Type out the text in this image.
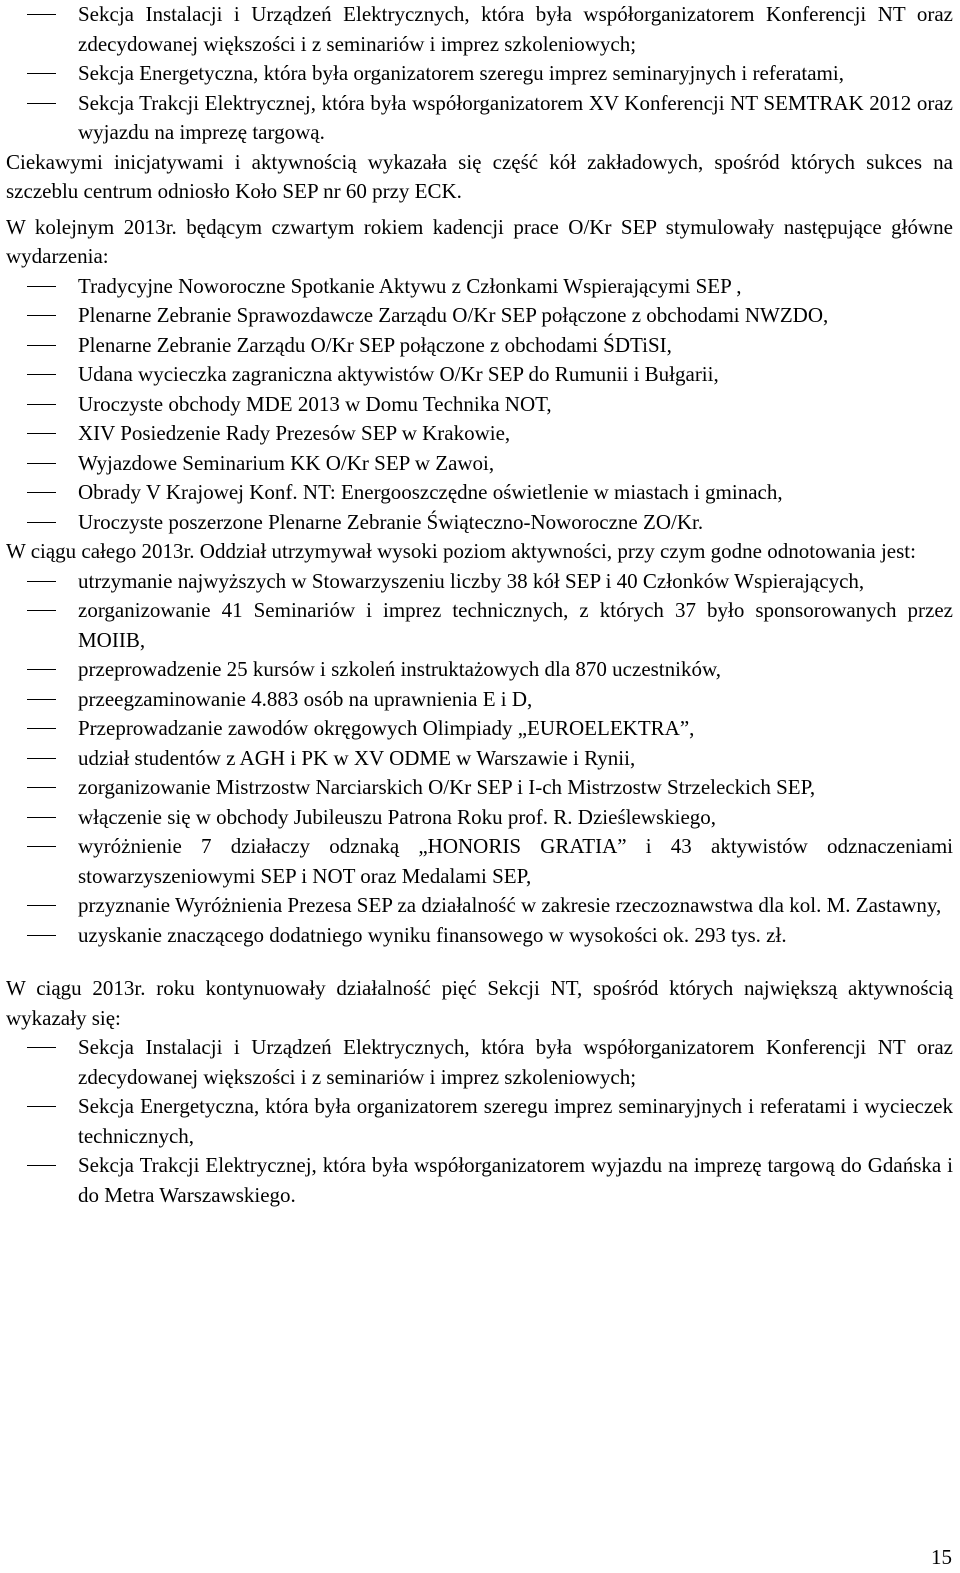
Sekcja Instalacji i Urządzeń Elektrycznych, która była współorganizatorem Konferencji NT oraz zdecydowanej większości i z seminariów i imprez szkoleniowych;
Sekcja Energetyczna, która była organizatorem szeregu imprez seminaryjnych i referatami,
Sekcja Trakcji Elektrycznej, która była współorganizatorem XV Konferencji NT SEMTRAK 2012 oraz wyjazdu na imprezę targową.

Ciekawymi inicjatywami i aktywnością wykazała się część kół zakładowych, spośród których sukces na szczeblu centrum odniosło Koło SEP nr 60 przy ECK.

W kolejnym 2013r. będącym czwartym rokiem kadencji prace O/Kr SEP stymulowały następujące główne wydarzenia:

Tradycyjne Noworoczne Spotkanie Aktywu z Członkami Wspierającymi SEP ,
Plenarne Zebranie Sprawozdawcze Zarządu O/Kr SEP połączone z obchodami NWZDO,
Plenarne Zebranie Zarządu O/Kr SEP połączone z obchodami ŚDTiSI,
Udana wycieczka zagraniczna aktywistów O/Kr SEP do Rumunii i Bułgarii,
Uroczyste obchody MDE 2013 w Domu Technika NOT,
XIV Posiedzenie Rady Prezesów SEP w Krakowie,
Wyjazdowe Seminarium KK O/Kr SEP w Zawoi,
Obrady V Krajowej Konf. NT: Energooszczędne oświetlenie w miastach i gminach,
Uroczyste poszerzone Plenarne Zebranie Świąteczno-Noworoczne ZO/Kr.

W ciągu całego 2013r. Oddział utrzymywał wysoki poziom aktywności, przy czym godne odnotowania jest:

utrzymanie najwyższych w Stowarzyszeniu liczby 38 kół SEP i 40 Członków Wspierających,
zorganizowanie 41 Seminariów i imprez technicznych, z których 37 było sponsorowanych przez MOIIB,
przeprowadzenie 25 kursów i szkoleń instruktażowych dla 870 uczestników,
przeegzaminowanie 4.883 osób na uprawnienia E i D,
Przeprowadzanie zawodów okręgowych Olimpiady „EUROELEKTRA”,
udział studentów z AGH i PK w XV ODME w Warszawie i Rynii,
zorganizowanie Mistrzostw Narciarskich O/Kr SEP i I-ch Mistrzostw Strzeleckich SEP,
włączenie się w obchody Jubileuszu Patrona Roku prof. R. Dzieślewskiego,
wyróżnienie 7 działaczy odznaką „HONORIS GRATIA” i 43 aktywistów odznaczeniami stowarzyszeniowymi SEP i NOT oraz Medalami SEP,
przyznanie Wyróżnienia Prezesa SEP za działalność w zakresie rzeczoznawstwa dla kol. M. Zastawny,
uzyskanie znaczącego dodatniego wyniku finansowego w wysokości ok. 293 tys. zł.

W ciągu 2013r. roku kontynuowały działalność pięć Sekcji NT, spośród których największą aktywnością wykazały się:

Sekcja Instalacji i Urządzeń Elektrycznych, która była współorganizatorem Konferencji NT oraz zdecydowanej większości i z seminariów i imprez szkoleniowych;
Sekcja Energetyczna, która była organizatorem szeregu imprez seminaryjnych i referatami i wycieczek technicznych,
Sekcja Trakcji Elektrycznej, która była współorganizatorem wyjazdu na imprezę targową do Gdańska i do Metra Warszawskiego.
15
